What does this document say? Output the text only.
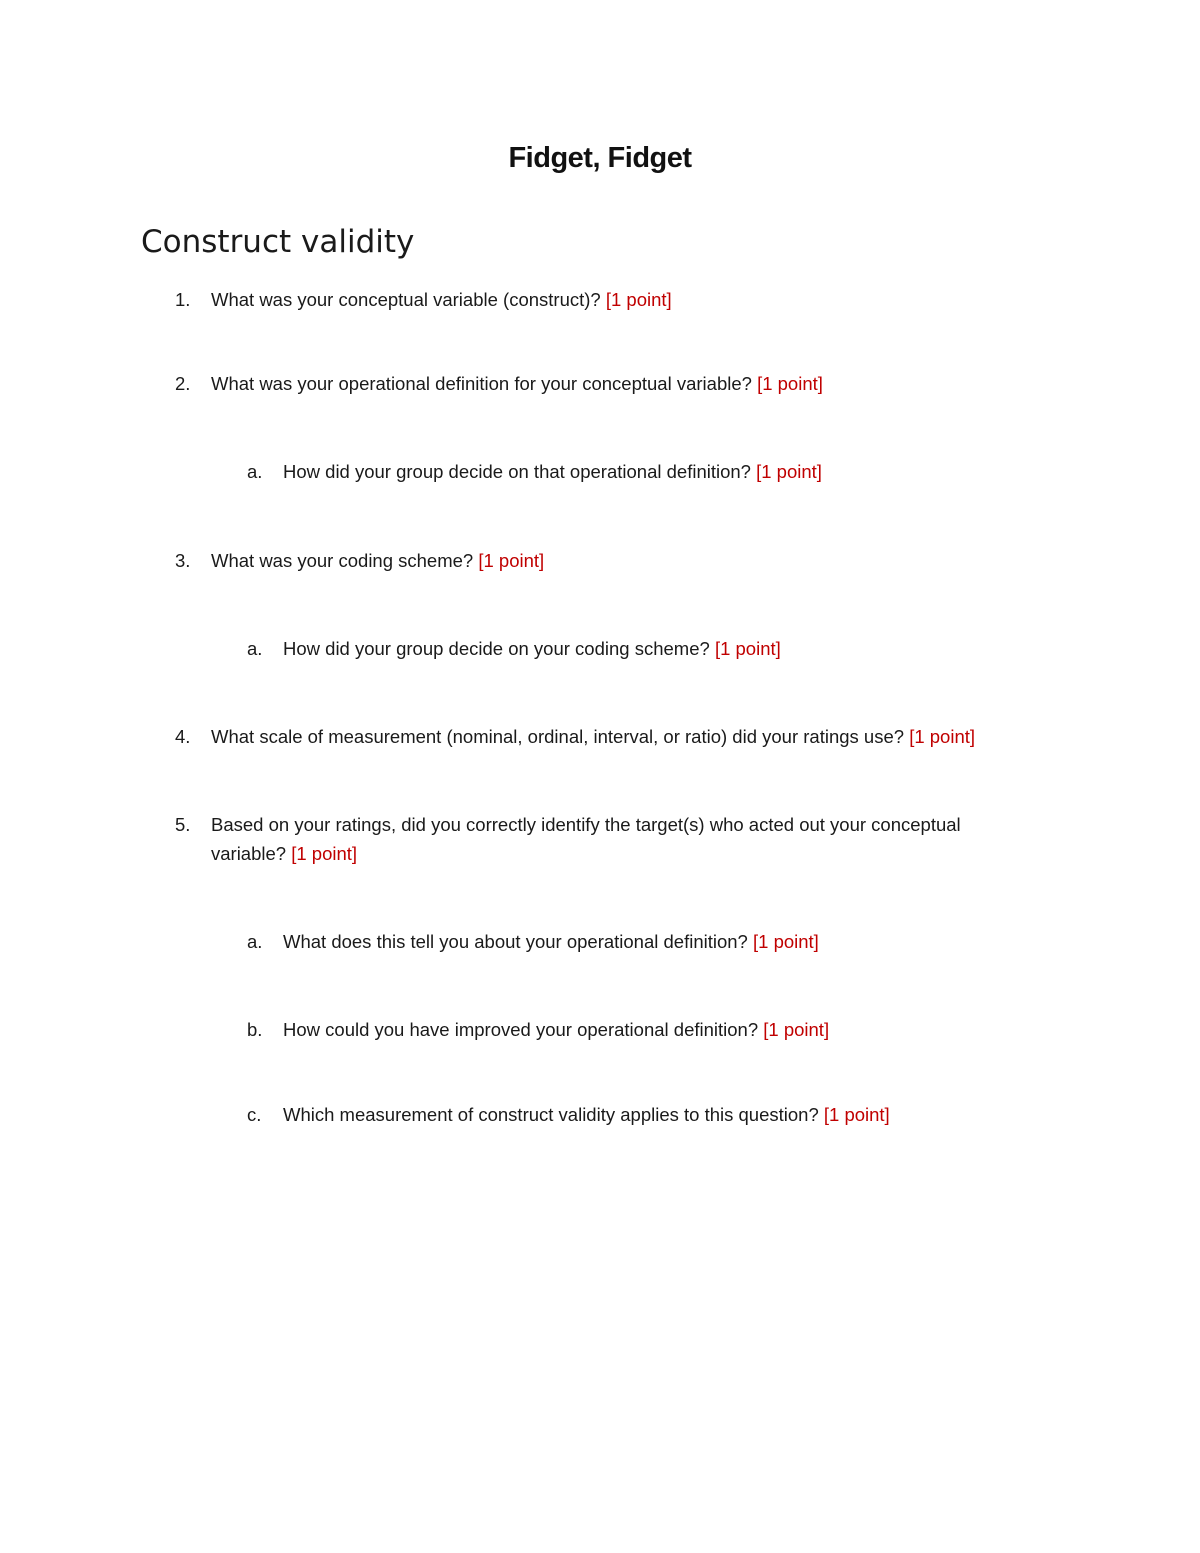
Fidget, Fidget
Construct validity
1. What was your conceptual variable (construct)? [1 point]
2. What was your operational definition for your conceptual variable? [1 point]
a. How did your group decide on that operational definition? [1 point]
3. What was your coding scheme? [1 point]
a. How did your group decide on your coding scheme? [1 point]
4. What scale of measurement (nominal, ordinal, interval, or ratio) did your ratings use? [1 point]
5. Based on your ratings, did you correctly identify the target(s) who acted out your conceptual
variable? [1 point]
a. What does this tell you about your operational definition? [1 point]
b. How could you have improved your operational definition? [1 point]
c. Which measurement of construct validity applies to this question? [1 point]
